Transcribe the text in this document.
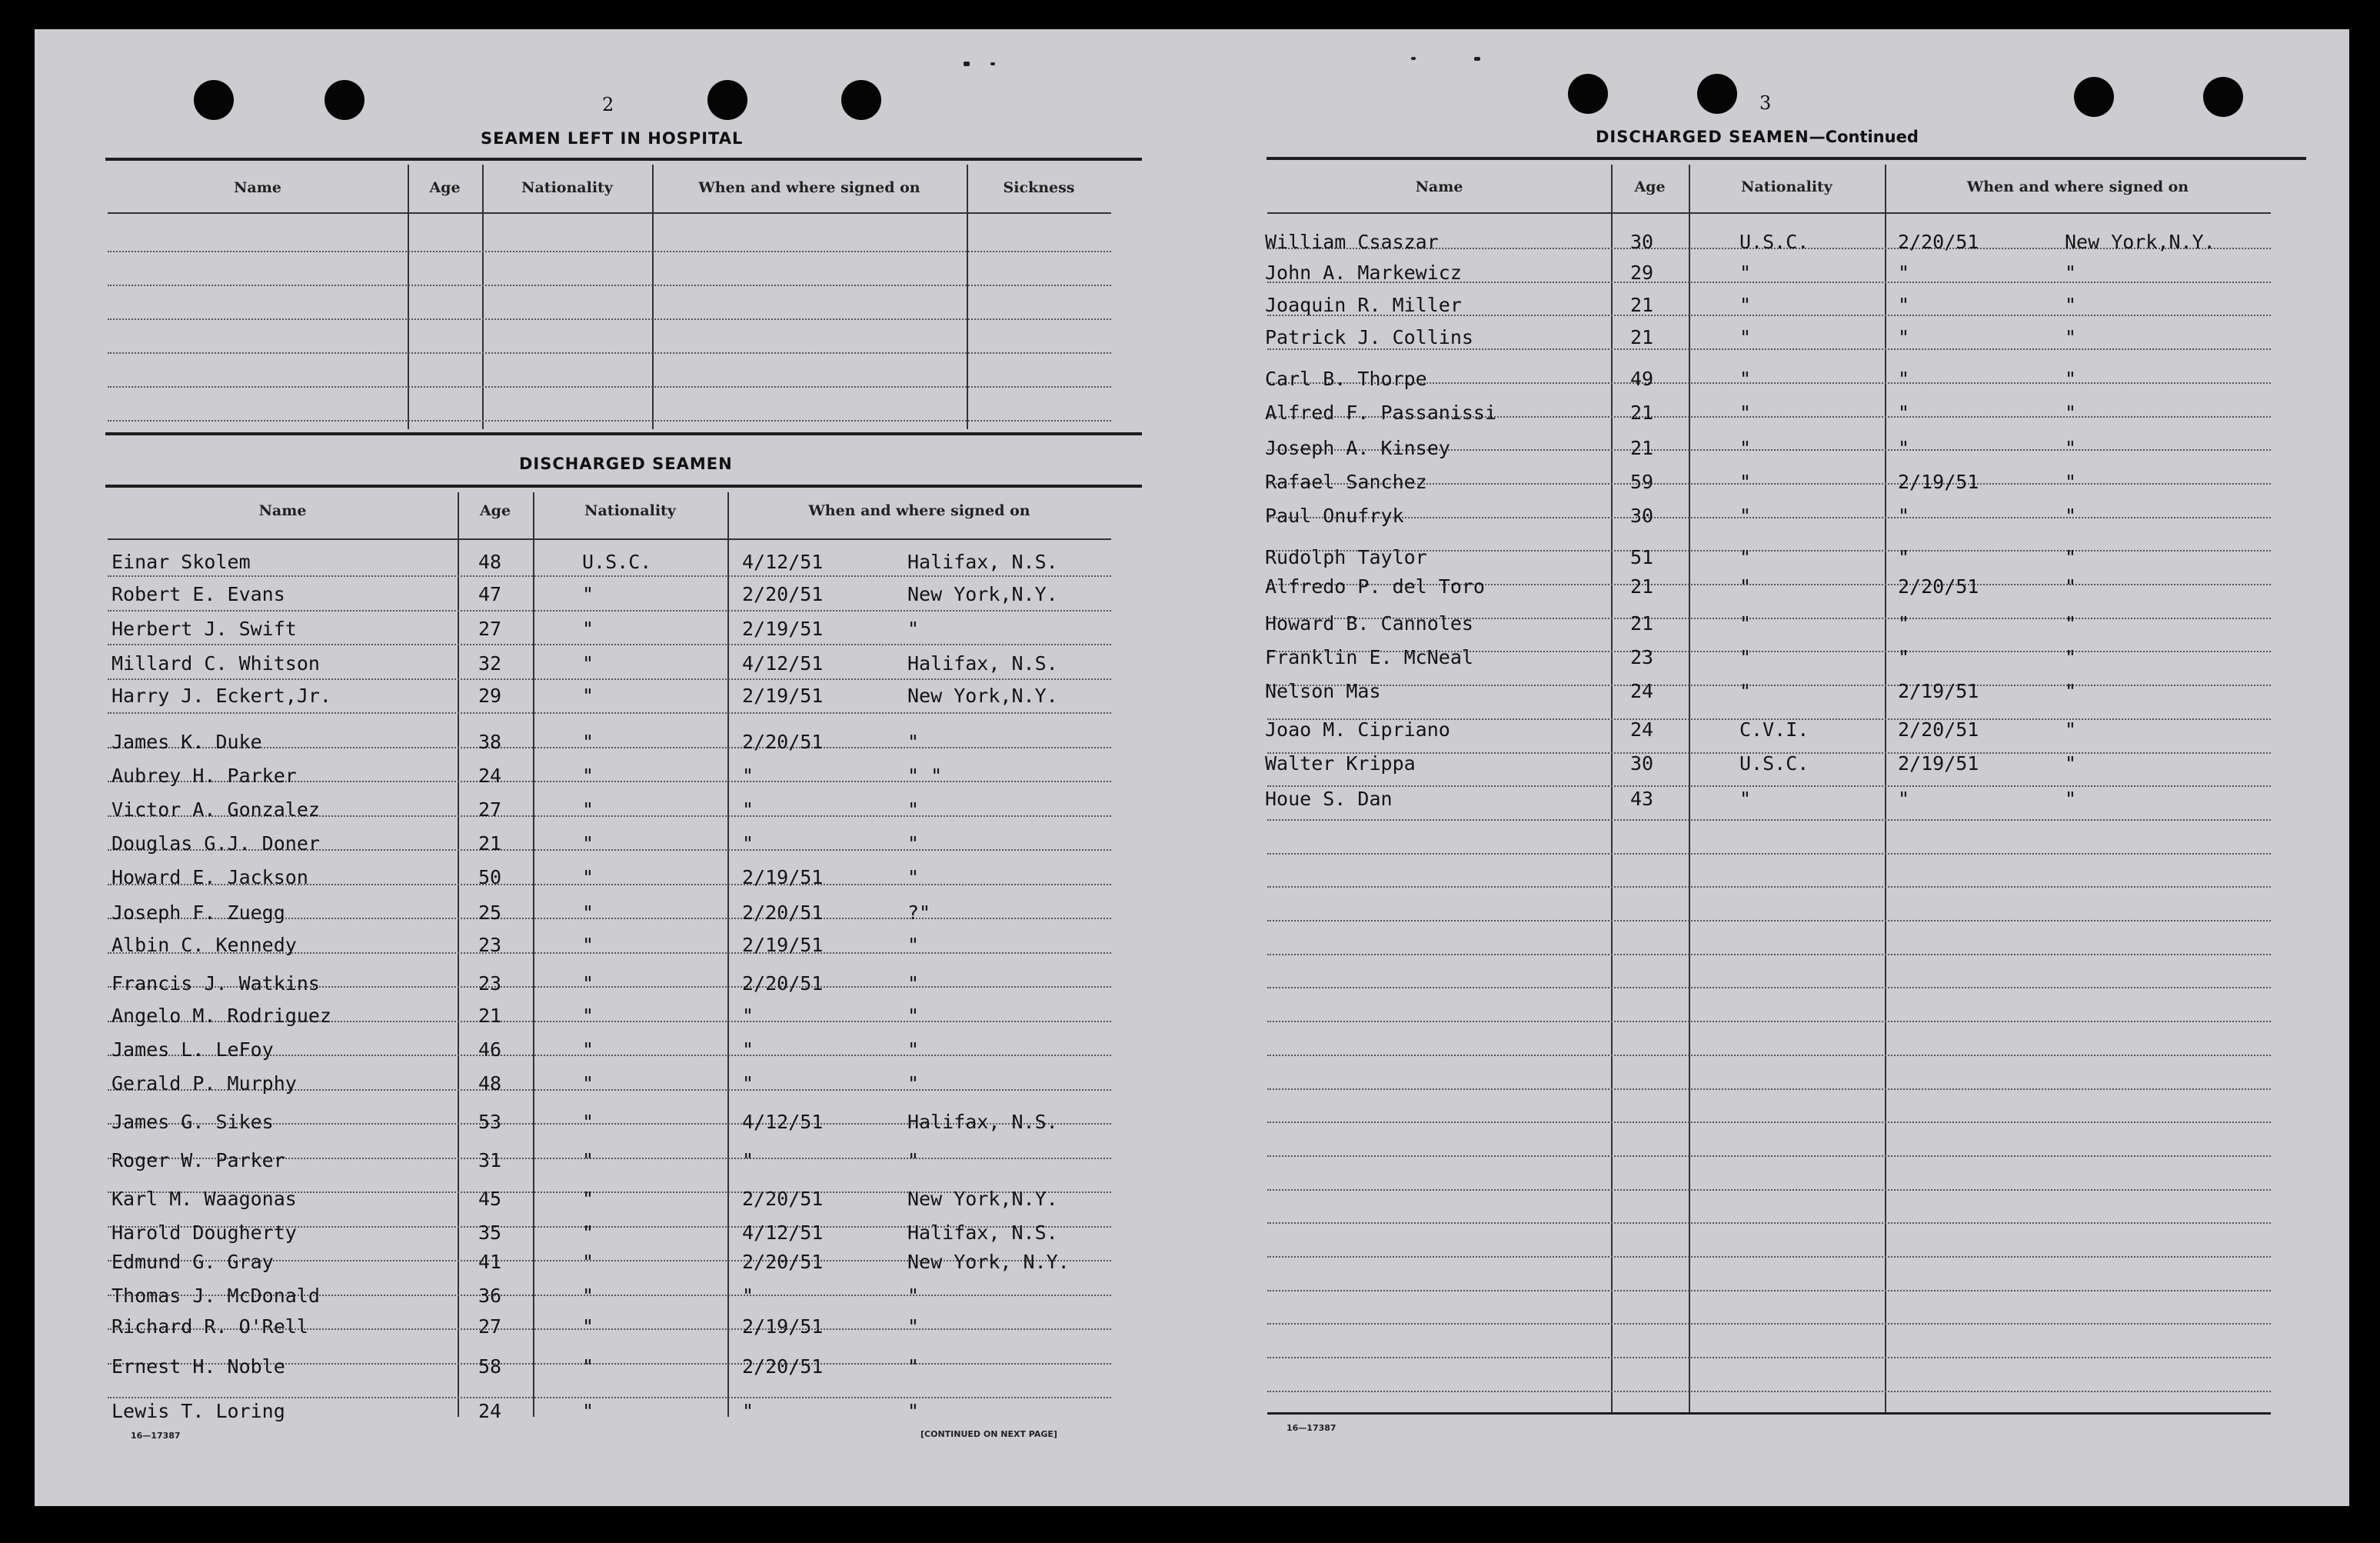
2
SEAMEN LEFT IN HOSPITAL
Name	Age	Nationality	When and where signed on	Sickness
DISCHARGED SEAMEN
Name	Age	Nationality	When and where signed on
Einar Skolem	48	U.S.C.	4/12/51	Halifax, N.S.
Robert E. Evans	47	"	2/20/51	New York,N.Y.
Herbert J. Swift	27	"	2/19/51	"
Millard C. Whitson	32	"	4/12/51	Halifax, N.S.
Harry J. Eckert,Jr.	29	"	2/19/51	New York,N.Y.
James K. Duke	38	"	2/20/51	"
Aubrey H. Parker	24	"	"	" "
Victor A. Gonzalez	27	"	"	"
Douglas G.J. Doner	21	"	"	"
Howard E. Jackson	50	"	2/19/51	"
Joseph F. Zuegg	25	"	2/20/51	?"
Albin C. Kennedy	23	"	2/19/51	"
Francis J. Watkins	23	"	2/20/51	"
Angelo M. Rodriguez	21	"	"	"
James L. LeFoy	46	"	"	"
Gerald P. Murphy	48	"	"	"
James G. Sikes	53	"	4/12/51	Halifax, N.S.
Roger W. Parker	31	"	"	"
Karl M. Waagonas	45	"	2/20/51	New York,N.Y.
Harold Dougherty	35	"	4/12/51	Halifax, N.S.
Edmund G. Gray	41	"	2/20/51	New York, N.Y.
Thomas J. McDonald	36	"	"	"
Richard R. O'Rell	27	"	2/19/51	"
Ernest H. Noble	58	"	2/20/51	"
Lewis T. Loring	24	"	"	"
16—17387	[CONTINUED ON NEXT PAGE]
3
DISCHARGED SEAMEN—Continued
Name	Age	Nationality	When and where signed on
William Csaszar	30	U.S.C.	2/20/51	New York,N.Y.
John A. Markewicz	29	"	"	"
Joaquin R. Miller	21	"	"	"
Patrick J. Collins	21	"	"	"
Carl B. Thorpe	49	"	"	"
Alfred F. Passanissi	21	"	"	"
Joseph A. Kinsey	21	"	"	"
Rafael Sanchez	59	"	2/19/51	"
Paul Onufryk	30	"	"	"
Rudolph Taylor	51	"	"	"
Alfredo P. del Toro	21	"	2/20/51	"
Howard B. Cannoles	21	"	"	"
Franklin E. McNeal	23	"	"	"
Nelson Mas	24	"	2/19/51	"
Joao M. Cipriano	24	C.V.I.	2/20/51	"
Walter Krippa	30	U.S.C.	2/19/51	"
Houe S. Dan	43	"	"	"
16—17387
